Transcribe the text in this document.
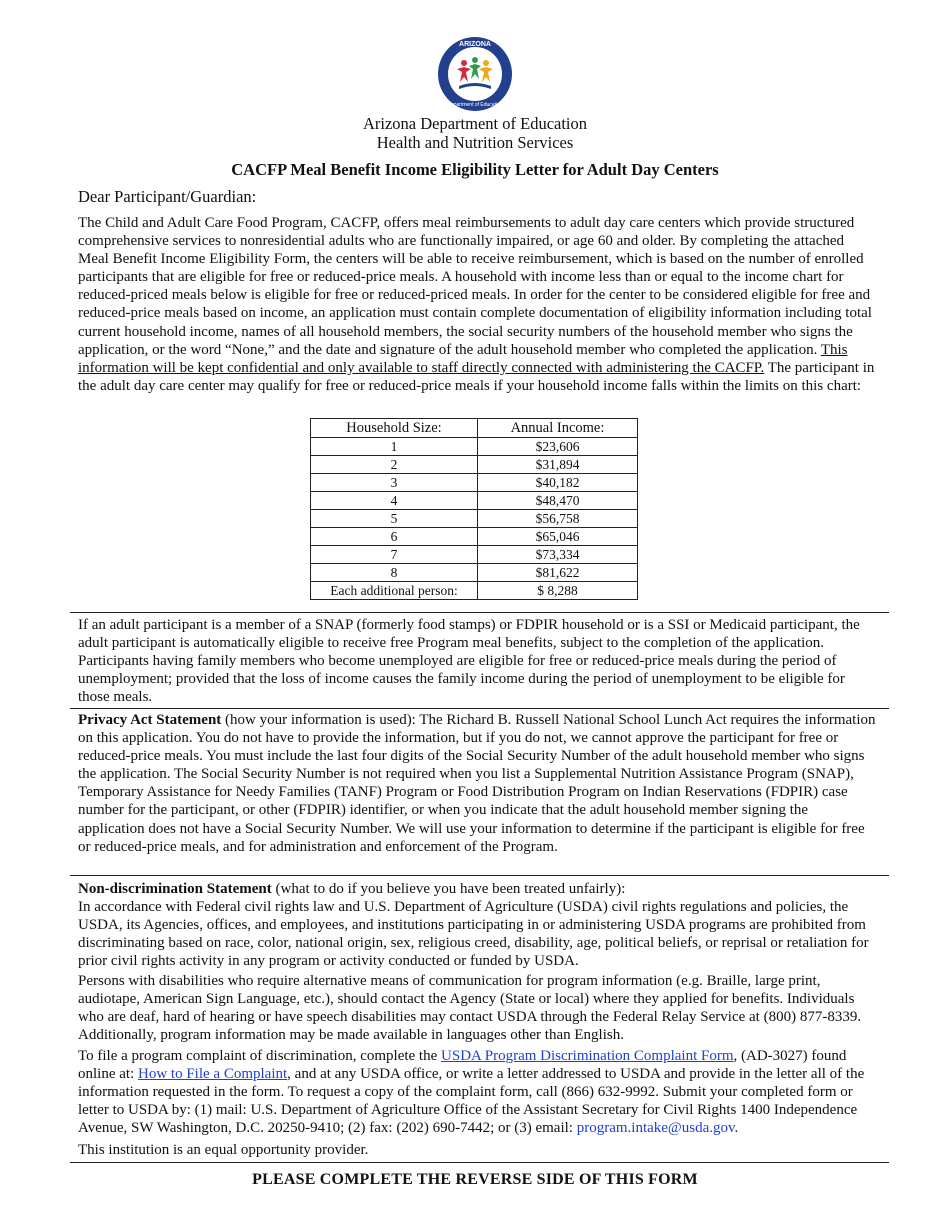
ARIZONA
Department of Education
Arizona Department of Education
Health and Nutrition Services
CACFP Meal Benefit Income Eligibility Letter for Adult Day Centers
Dear Participant/Guardian:

The Child and Adult Care Food Program, CACFP, offers meal reimbursements to adult day care centers which provide structured comprehensive services to nonresidential adults who are functionally impaired, or age 60 and older. By completing the attached Meal Benefit Income Eligibility Form, the centers will be able to receive reimbursement, which is based on the number of enrolled participants that are eligible for free or reduced-price meals. A household with income less than or equal to the income chart for reduced-priced meals below is eligible for free or reduced-priced meals. In order for the center to be considered eligible for free and reduced-price meals based on income, an application must contain complete documentation of eligibility information including total current household income, names of all household members, the social security numbers of the household member who signs the application, or the word “None,” and the date and signature of the adult household member who completed the application. This information will be kept confidential and only available to staff directly connected with administering the CACFP. The participant in the adult day care center may qualify for free or reduced-price meals if your household income falls within the limits on this chart:

Household Size:	Annual Income:
1	$23,606
2	$31,894
3	$40,182
4	$48,470
5	$56,758
6	$65,046
7	$73,334
8	$81,622
Each additional person:	$ 8,288

If an adult participant is a member of a SNAP (formerly food stamps) or FDPIR household or is a SSI or Medicaid participant, the adult participant is automatically eligible to receive free Program meal benefits, subject to the completion of the application. Participants having family members who become unemployed are eligible for free or reduced-price meals during the period of unemployment; provided that the loss of income causes the family income during the period of unemployment to be eligible for those meals.

Privacy Act Statement (how your information is used): The Richard B. Russell National School Lunch Act requires the information on this application. You do not have to provide the information, but if you do not, we cannot approve the participant for free or reduced-price meals. You must include the last four digits of the Social Security Number of the adult household member who signs the application. The Social Security Number is not required when you list a Supplemental Nutrition Assistance Program (SNAP), Temporary Assistance for Needy Families (TANF) Program or Food Distribution Program on Indian Reservations (FDPIR) case number for the participant, or other (FDPIR) identifier, or when you indicate that the adult household member signing the application does not have a Social Security Number. We will use your information to determine if the participant is eligible for free or reduced-price meals, and for administration and enforcement of the Program.

Non-discrimination Statement (what to do if you believe you have been treated unfairly):

In accordance with Federal civil rights law and U.S. Department of Agriculture (USDA) civil rights regulations and policies, the USDA, its Agencies, offices, and employees, and institutions participating in or administering USDA programs are prohibited from discriminating based on race, color, national origin, sex, religious creed, disability, age, political beliefs, or reprisal or retaliation for prior civil rights activity in any program or activity conducted or funded by USDA.

Persons with disabilities who require alternative means of communication for program information (e.g. Braille, large print, audiotape, American Sign Language, etc.), should contact the Agency (State or local) where they applied for benefits. Individuals who are deaf, hard of hearing or have speech disabilities may contact USDA through the Federal Relay Service at (800) 877-8339. Additionally, program information may be made available in languages other than English.

To file a program complaint of discrimination, complete the USDA Program Discrimination Complaint Form, (AD-3027) found online at: How to File a Complaint, and at any USDA office, or write a letter addressed to USDA and provide in the letter all of the information requested in the form. To request a copy of the complaint form, call (866) 632-9992. Submit your completed form or letter to USDA by: (1) mail: U.S. Department of Agriculture Office of the Assistant Secretary for Civil Rights 1400 Independence Avenue, SW Washington, D.C. 20250-9410; (2) fax: (202) 690-7442; or (3) email: program.intake@usda.gov.

This institution is an equal opportunity provider.

PLEASE COMPLETE THE REVERSE SIDE OF THIS FORM
